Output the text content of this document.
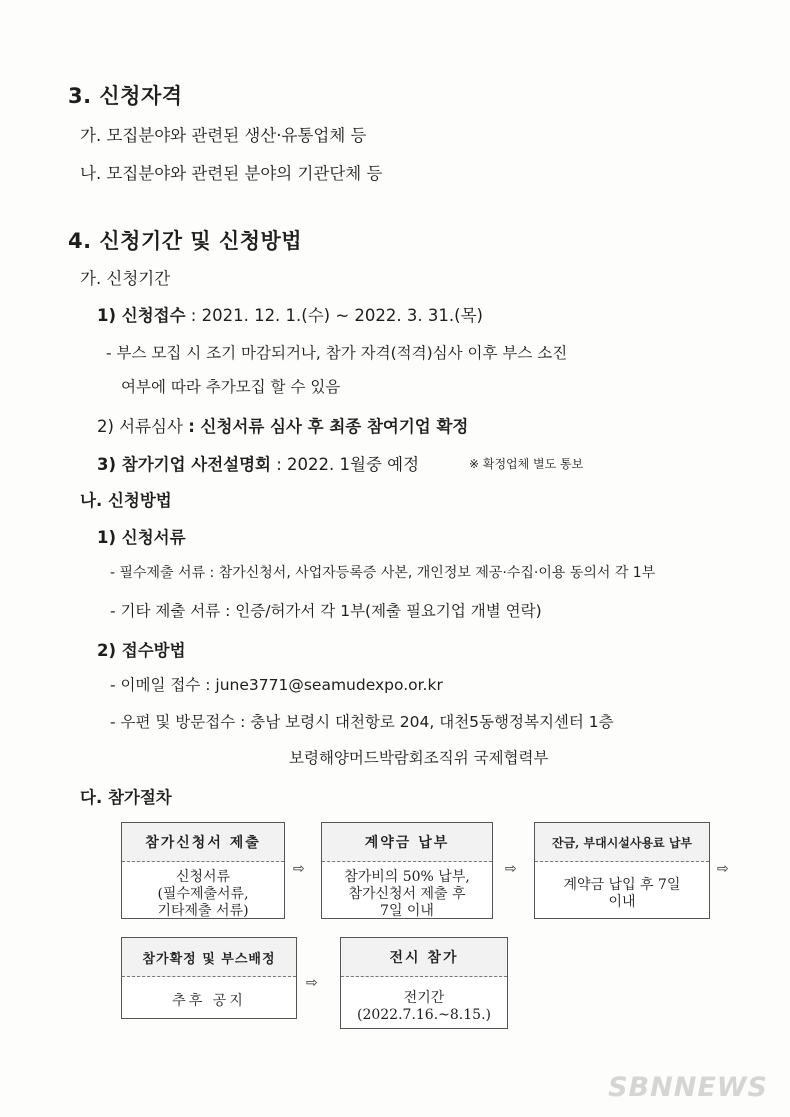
3. 신청자격
가. 모집분야와 관련된 생산·유통업체 등
나. 모집분야와 관련된 분야의 기관단체 등
4. 신청기간 및 신청방법
가. 신청기간
1) 신청접수 : 2021. 12. 1.(수) ~ 2022. 3. 31.(목)
- 부스 모집 시 조기 마감되거나, 참가 자격(적격)심사 이후 부스 소진
여부에 따라 추가모집 할 수 있음
2) 서류심사 : 신청서류 심사 후 최종 참여기업 확정
3) 참가기업 사전설명회 : 2022. 1월중 예정	※ 확정업체 별도 통보
나. 신청방법
1) 신청서류
- 필수제출 서류 : 참가신청서, 사업자등록증 사본, 개인정보 제공·수집·이용 동의서 각 1부
- 기타 제출 서류 : 인증/허가서 각 1부(제출 필요기업 개별 연락)
2) 접수방법
- 이메일 접수 : june3771@seamudexpo.or.kr
- 우편 및 방문접수 : 충남 보령시 대천항로 204, 대천5동행정복지센터 1층
보령해양머드박람회조직위 국제협력부
다. 참가절차
참가신청서 제출
신청서류
(필수제출서류,
기타제출 서류)
⇨
계약금 납부
참가비의 50% 납부,
참가신청서 제출 후
7일 이내
⇨
잔금, 부대시설사용료 납부
계약금 납입 후 7일
이내
⇨
참가확정 및 부스배정
추후 공지
⇨
전시 참가
전기간
(2022.7.16.~8.15.)
SBNNEWS
